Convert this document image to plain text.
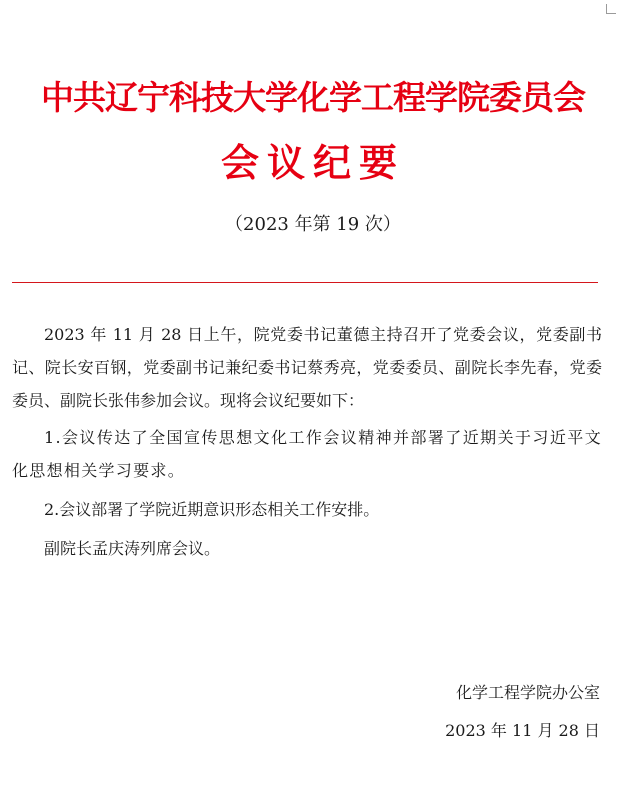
中共辽宁科技大学化学工程学院委员会
会议纪要
（2023 年第 19 次）

2023 年 11 月 28 日上午，院党委书记董德主持召开了党委会议，党委副书记、院长安百钢，党委副书记兼纪委书记蔡秀亮，党委委员、副院长李先春，党委委员、副院长张伟参加会议。现将会议纪要如下：

1.会议传达了全国宣传思想文化工作会议精神并部署了近期关于习近平文化思想相关学习要求。

2.会议部署了学院近期意识形态相关工作安排。

副院长孟庆涛列席会议。

化学工程学院办公室
2023 年 11 月 28 日
